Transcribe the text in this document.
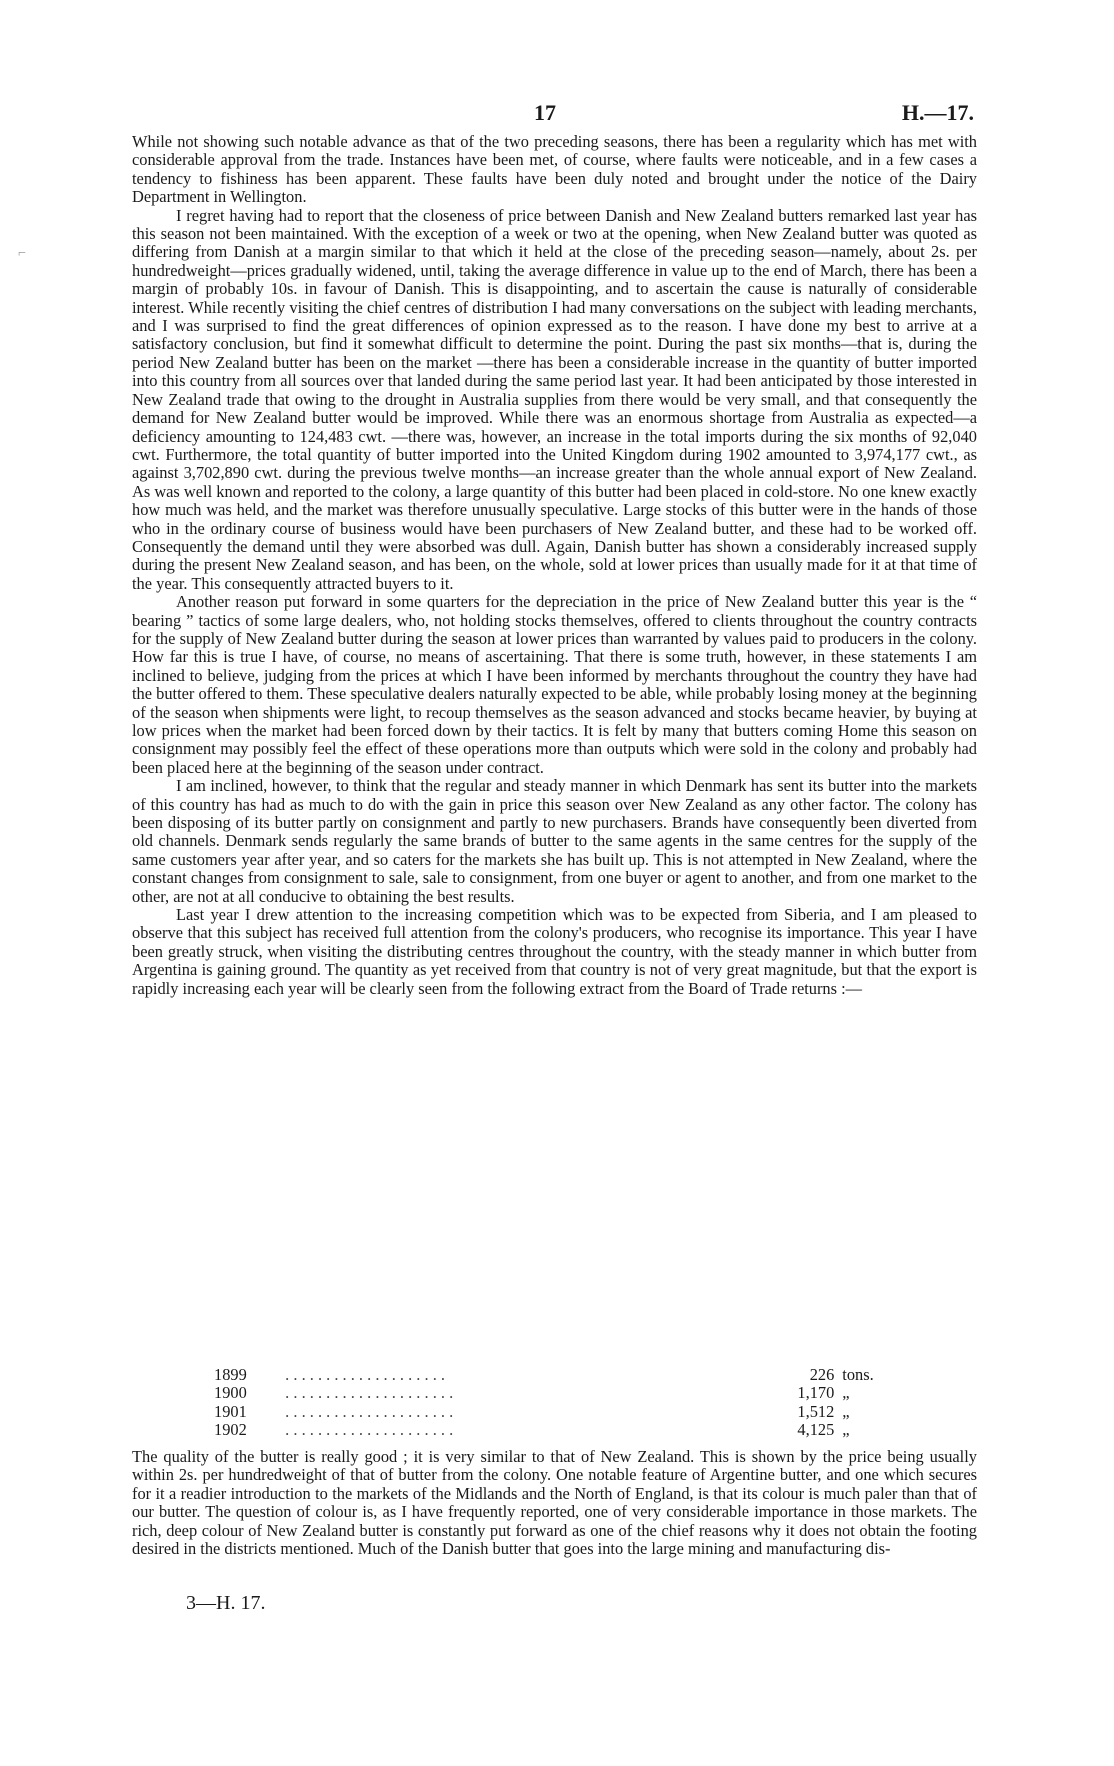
17	H.—17.

While not showing such notable advance as that of the two preceding seasons, there has been a regularity which has met with considerable approval from the trade. Instances have been met, of course, where faults were noticeable, and in a few cases a tendency to fishiness has been apparent. These faults have been duly noted and brought under the notice of the Dairy Department in Wellington.

I regret having had to report that the closeness of price between Danish and New Zealand butters remarked last year has this season not been maintained. With the exception of a week or two at the opening, when New Zealand butter was quoted as differing from Danish at a margin similar to that which it held at the close of the preceding season—namely, about 2s. per hundredweight—prices gradually widened, until, taking the average difference in value up to the end of March, there has been a margin of probably 10s. in favour of Danish. This is disappointing, and to ascertain the cause is naturally of considerable interest. While recently visiting the chief centres of distribution I had many conversations on the subject with leading merchants, and I was surprised to find the great differences of opinion expressed as to the reason. I have done my best to arrive at a satisfactory conclusion, but find it somewhat difficult to determine the point. During the past six months—that is, during the period New Zealand butter has been on the market —there has been a considerable increase in the quantity of butter imported into this country from all sources over that landed during the same period last year. It had been anticipated by those interested in New Zealand trade that owing to the drought in Australia supplies from there would be very small, and that consequently the demand for New Zealand butter would be improved. While there was an enormous shortage from Australia as expected—a deficiency amounting to 124,483 cwt. —there was, however, an increase in the total imports during the six months of 92,040 cwt. Furthermore, the total quantity of butter imported into the United Kingdom during 1902 amounted to 3,974,177 cwt., as against 3,702,890 cwt. during the previous twelve months—an increase greater than the whole annual export of New Zealand. As was well known and reported to the colony, a large quantity of this butter had been placed in cold-store. No one knew exactly how much was held, and the market was therefore unusually speculative. Large stocks of this butter were in the hands of those who in the ordinary course of business would have been purchasers of New Zealand butter, and these had to be worked off. Consequently the demand until they were absorbed was dull. Again, Danish butter has shown a considerably increased supply during the present New Zealand season, and has been, on the whole, sold at lower prices than usually made for it at that time of the year. This consequently attracted buyers to it.

Another reason put forward in some quarters for the depreciation in the price of New Zealand butter this year is the “ bearing ” tactics of some large dealers, who, not holding stocks themselves, offered to clients throughout the country contracts for the supply of New Zealand butter during the season at lower prices than warranted by values paid to producers in the colony. How far this is true I have, of course, no means of ascertaining. That there is some truth, however, in these statements I am inclined to believe, judging from the prices at which I have been informed by merchants throughout the country they have had the butter offered to them. These speculative dealers naturally expected to be able, while probably losing money at the beginning of the season when shipments were light, to recoup themselves as the season advanced and stocks became heavier, by buying at low prices when the market had been forced down by their tactics. It is felt by many that butters coming Home this season on consignment may possibly feel the effect of these operations more than outputs which were sold in the colony and probably had been placed here at the beginning of the season under contract.

I am inclined, however, to think that the regular and steady manner in which Denmark has sent its butter into the markets of this country has had as much to do with the gain in price this season over New Zealand as any other factor. The colony has been disposing of its butter partly on consignment and partly to new purchasers. Brands have consequently been diverted from old channels. Denmark sends regularly the same brands of butter to the same agents in the same centres for the supply of the same customers year after year, and so caters for the markets she has built up. This is not attempted in New Zealand, where the constant changes from consignment to sale, sale to consignment, from one buyer or agent to another, and from one market to the other, are not at all conducive to obtaining the best results.

Last year I drew attention to the increasing competition which was to be expected from Siberia, and I am pleased to observe that this subject has received full attention from the colony's producers, who recognise its importance. This year I have been greatly struck, when visiting the distributing centres throughout the country, with the steady manner in which butter from Argentina is gaining ground. The quantity as yet received from that country is not of very great magnitude, but that the export is rapidly increasing each year will be clearly seen from the following extract from the Board of Trade returns :—

1899	. . . . . . . . . . . . . . . . . . . .	226	tons.
1900	. . . . . . . . . . . . . . . . . . . . .	1,170	„
1901	. . . . . . . . . . . . . . . . . . . . .	1,512	„
1902	. . . . . . . . . . . . . . . . . . . . .	4,125	„

The quality of the butter is really good ; it is very similar to that of New Zealand. This is shown by the price being usually within 2s. per hundredweight of that of butter from the colony. One notable feature of Argentine butter, and one which secures for it a readier introduction to the markets of the Midlands and the North of England, is that its colour is much paler than that of our butter. The question of colour is, as I have frequently reported, one of very considerable importance in those markets. The rich, deep colour of New Zealand butter is constantly put forward as one of the chief reasons why it does not obtain the footing desired in the districts mentioned. Much of the Danish butter that goes into the large mining and manufacturing dis-

3—H. 17.
⌐
